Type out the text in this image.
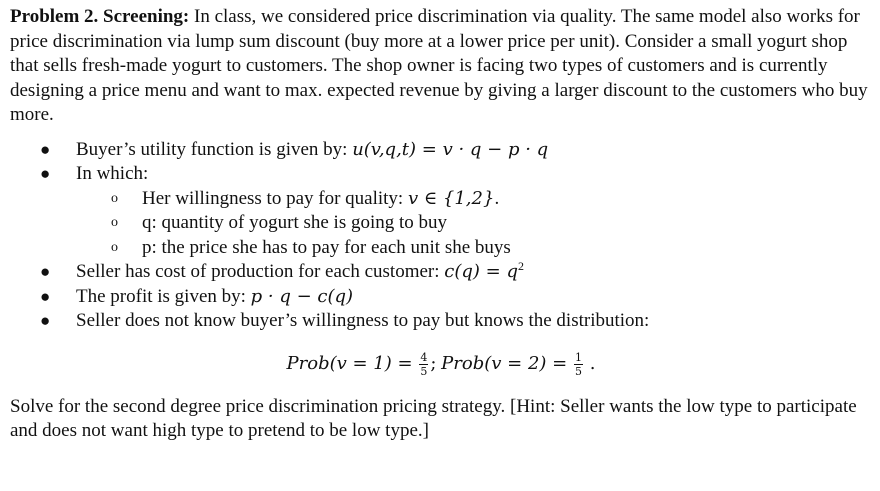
Problem 2. Screening: In class, we considered price discrimination via quality. The same model also works for price discrimination via lump sum discount (buy more at a lower price per unit). Consider a small yogurt shop that sells fresh-made yogurt to customers. The shop owner is facing two types of customers and is currently designing a price menu and want to max. expected revenue by giving a larger discount to the customers who buy more.

● Buyer’s utility function is given by: u(v,q,t) = v · q − p · q
● In which:
o Her willingness to pay for quality: v ∈ {1,2}.
o q: quantity of yogurt she is going to buy
o p: the price she has to pay for each unit she buys
● Seller has cost of production for each customer: $c(q) = q^2$
● The profit is given by: p · q − c(q)
● Seller does not know buyer’s willingness to pay but knows the distribution:
Prob(v = $1) = \frac{4}{5}$ ; Prob(v = $2) = \frac{1}{5}$ .

Solve for the second degree price discrimination pricing strategy. [Hint: Seller wants the low type to participate and does not want high type to pretend to be low type.]
